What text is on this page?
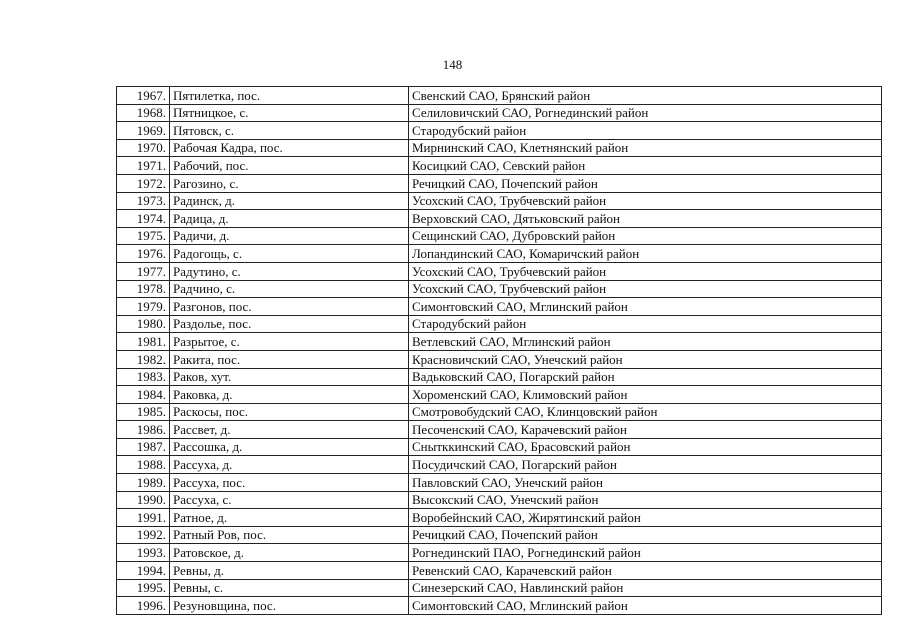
148
1967.	Пятилетка, пос.	Свенский САО, Брянский район
1968.	Пятницкое, с.	Селиловичский САО, Рогнединский район
1969.	Пятовск, с.	Стародубский район
1970.	Рабочая Кадра, пос.	Мирнинский САО, Клетнянский район
1971.	Рабочий, пос.	Косицкий САО, Севский район
1972.	Рагозино, с.	Речицкий САО, Почепский район
1973.	Радинск, д.	Усохский САО, Трубчевский район
1974.	Радица, д.	Верховский САО, Дятьковский район
1975.	Радичи, д.	Сещинский САО, Дубровский район
1976.	Радогощь, с.	Лопандинский САО, Комаричский район
1977.	Радутино, с.	Усохский САО, Трубчевский район
1978.	Радчино, с.	Усохский САО, Трубчевский район
1979.	Разгонов, пос.	Симонтовский САО, Мглинский район
1980.	Раздолье, пос.	Стародубский район
1981.	Разрытое, с.	Ветлевский САО, Мглинский район
1982.	Ракита, пос.	Красновичский САО, Унечский район
1983.	Раков, хут.	Вадьковский САО, Погарский район
1984.	Раковка, д.	Хороменский САО, Климовский район
1985.	Раскосы, пос.	Смотровобудский САО, Клинцовский район
1986.	Рассвет, д.	Песоченский САО, Карачевский район
1987.	Рассошка, д.	Снытккинский САО, Брасовский район
1988.	Рассуха, д.	Посудичский САО, Погарский район
1989.	Рассуха, пос.	Павловский САО, Унечский район
1990.	Рассуха, с.	Высокский САО, Унечский район
1991.	Ратное, д.	Воробейнский САО, Жирятинский район
1992.	Ратный Ров, пос.	Речицкий САО, Почепский район
1993.	Ратовское, д.	Рогнединский ПАО, Рогнединский район
1994.	Ревны, д.	Ревенский САО, Карачевский район
1995.	Ревны, с.	Синезерский САО, Навлинский район
1996.	Резуновщина, пос.	Симонтовский САО, Мглинский район
